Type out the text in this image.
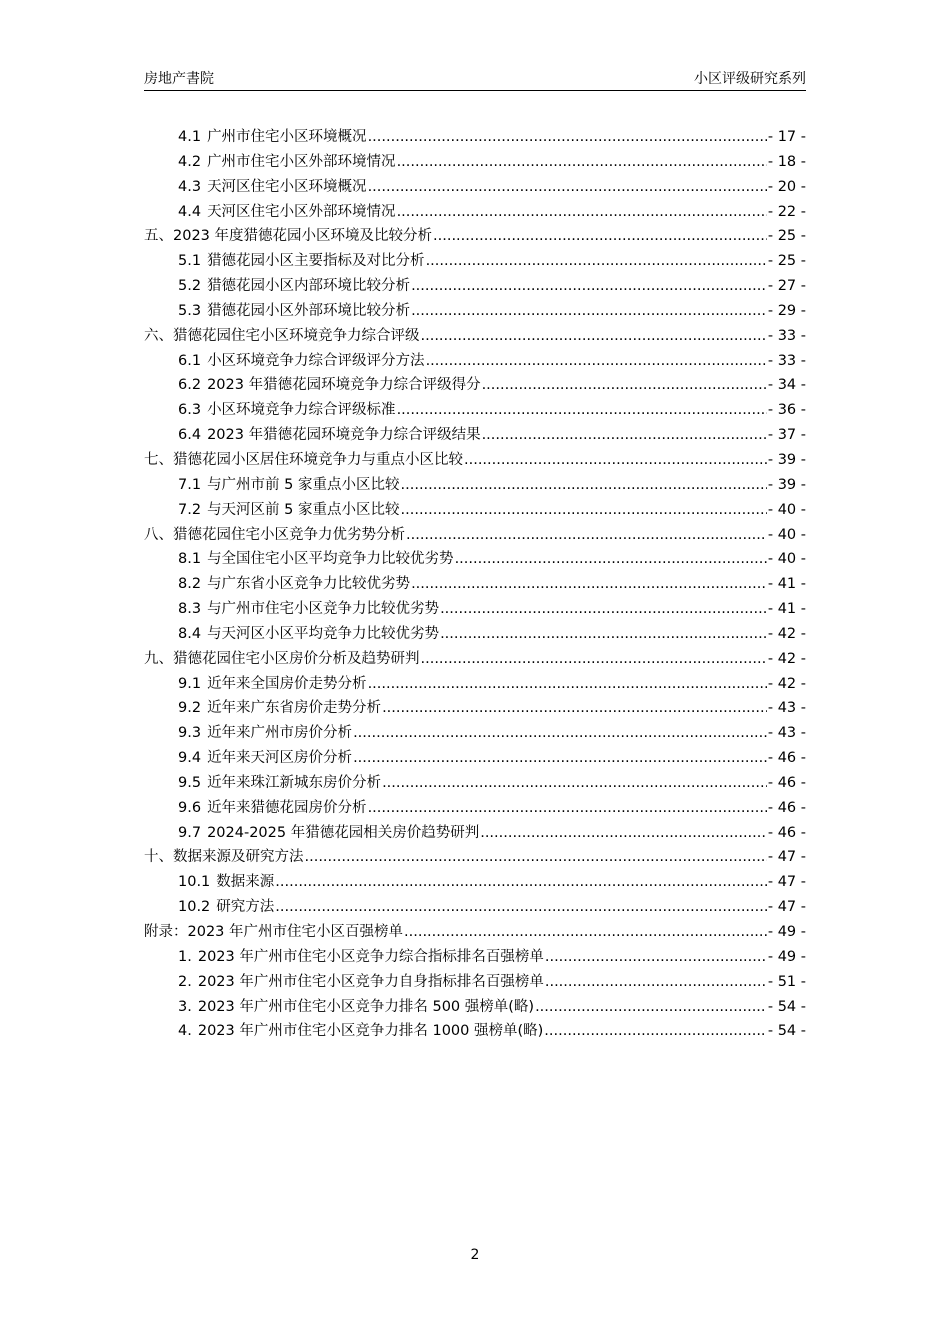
房地产書院	小区评级研究系列
4.1 广州市住宅小区环境概况 .....	- 17 -
4.2 广州市住宅小区外部环境情况 .....	- 18 -
4.3 天河区住宅小区环境概况 .....	- 20 -
4.4 天河区住宅小区外部环境情况 .....	- 22 -
五、2023 年度猎德花园小区环境及比较分析 .....	- 25 -
5.1 猎德花园小区主要指标及对比分析 .....	- 25 -
5.2 猎德花园小区内部环境比较分析 .....	- 27 -
5.3 猎德花园小区外部环境比较分析 .....	- 29 -
六、猎德花园住宅小区环境竞争力综合评级 .....	- 33 -
6.1 小区环境竞争力综合评级评分方法 .....	- 33 -
6.2 2023 年猎德花园环境竞争力综合评级得分 .....	- 34 -
6.3 小区环境竞争力综合评级标准 .....	- 36 -
6.4 2023 年猎德花园环境竞争力综合评级结果 .....	- 37 -
七、猎德花园小区居住环境竞争力与重点小区比较 .....	- 39 -
7.1 与广州市前 5 家重点小区比较 .....	- 39 -
7.2 与天河区前 5 家重点小区比较 .....	- 40 -
八、猎德花园住宅小区竞争力优劣势分析 .....	- 40 -
8.1 与全国住宅小区平均竞争力比较优劣势 .....	- 40 -
8.2 与广东省小区竞争力比较优劣势 .....	- 41 -
8.3 与广州市住宅小区竞争力比较优劣势 .....	- 41 -
8.4 与天河区小区平均竞争力比较优劣势 .....	- 42 -
九、猎德花园住宅小区房价分析及趋势研判 .....	- 42 -
9.1 近年来全国房价走势分析 .....	- 42 -
9.2 近年来广东省房价走势分析 .....	- 43 -
9.3 近年来广州市房价分析 .....	- 43 -
9.4 近年来天河区房价分析 .....	- 46 -
9.5 近年来珠江新城东房价分析 .....	- 46 -
9.6 近年来猎德花园房价分析 .....	- 46 -
9.7 2024-2025 年猎德花园相关房价趋势研判 .....	- 46 -
十、数据来源及研究方法 .....	- 47 -
10.1 数据来源 .....	- 47 -
10.2 研究方法 .....	- 47 -
附录：2023 年广州市住宅小区百强榜单 .....	- 49 -
1. 2023 年广州市住宅小区竞争力综合指标排名百强榜单 .....	- 49 -
2. 2023 年广州市住宅小区竞争力自身指标排名百强榜单 .....	- 51 -
3. 2023 年广州市住宅小区竞争力排名 500 强榜单(略) .....	- 54 -
4. 2023 年广州市住宅小区竞争力排名 1000 强榜单(略) .....	- 54 -
2
